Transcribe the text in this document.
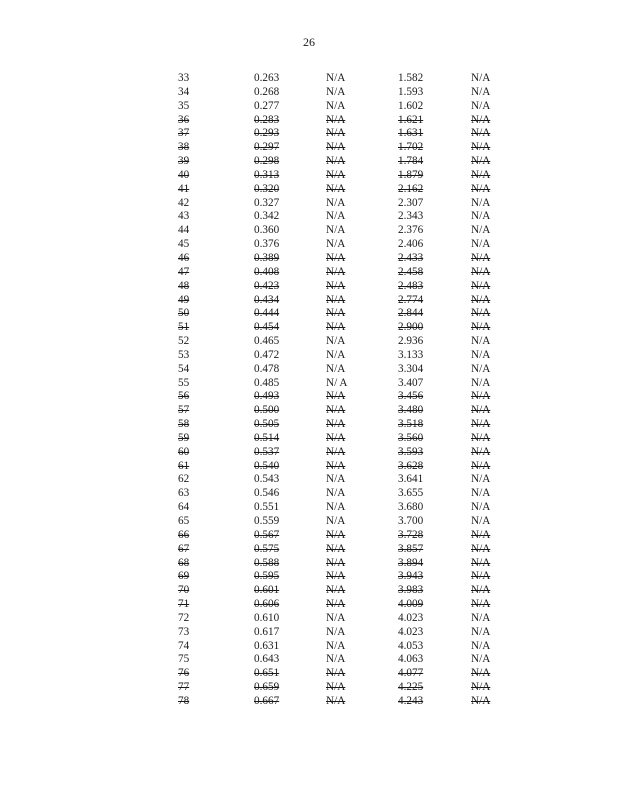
26
33	0.263	N/A	1.582	N/A
34	0.268	N/A	1.593	N/A
35	0.277	N/A	1.602	N/A
36	0.283	N/A	1.621	N/A
37	0.293	N/A	1.631	N/A
38	0.297	N/A	1.702	N/A
39	0.298	N/A	1.784	N/A
40	0.313	N/A	1.879	N/A
41	0.320	N/A	2.162	N/A
42	0.327	N/A	2.307	N/A
43	0.342	N/A	2.343	N/A
44	0.360	N/A	2.376	N/A
45	0.376	N/A	2.406	N/A
46	0.389	N/A	2.433	N/A
47	0.408	N/A	2.458	N/A
48	0.423	N/A	2.483	N/A
49	0.434	N/A	2.774	N/A
50	0.444	N/A	2.844	N/A
51	0.454	N/A	2.900	N/A
52	0.465	N/A	2.936	N/A
53	0.472	N/A	3.133	N/A
54	0.478	N/A	3.304	N/A
55	0.485	N/ A	3.407	N/A
56	0.493	N/A	3.456	N/A
57	0.500	N/A	3.480	N/A
58	0.505	N/A	3.518	N/A
59	0.514	N/A	3.560	N/A
60	0.537	N/A	3.593	N/A
61	0.540	N/A	3.628	N/A
62	0.543	N/A	3.641	N/A
63	0.546	N/A	3.655	N/A
64	0.551	N/A	3.680	N/A
65	0.559	N/A	3.700	N/A
66	0.567	N/A	3.728	N/A
67	0.575	N/A	3.857	N/A
68	0.588	N/A	3.894	N/A
69	0.595	N/A	3.943	N/A
70	0.601	N/A	3.983	N/A
71	0.606	N/A	4.009	N/A
72	0.610	N/A	4.023	N/A
73	0.617	N/A	4.023	N/A
74	0.631	N/A	4.053	N/A
75	0.643	N/A	4.063	N/A
76	0.651	N/A	4.077	N/A
77	0.659	N/A	4.225	N/A
78	0.667	N/A	4.243	N/A
